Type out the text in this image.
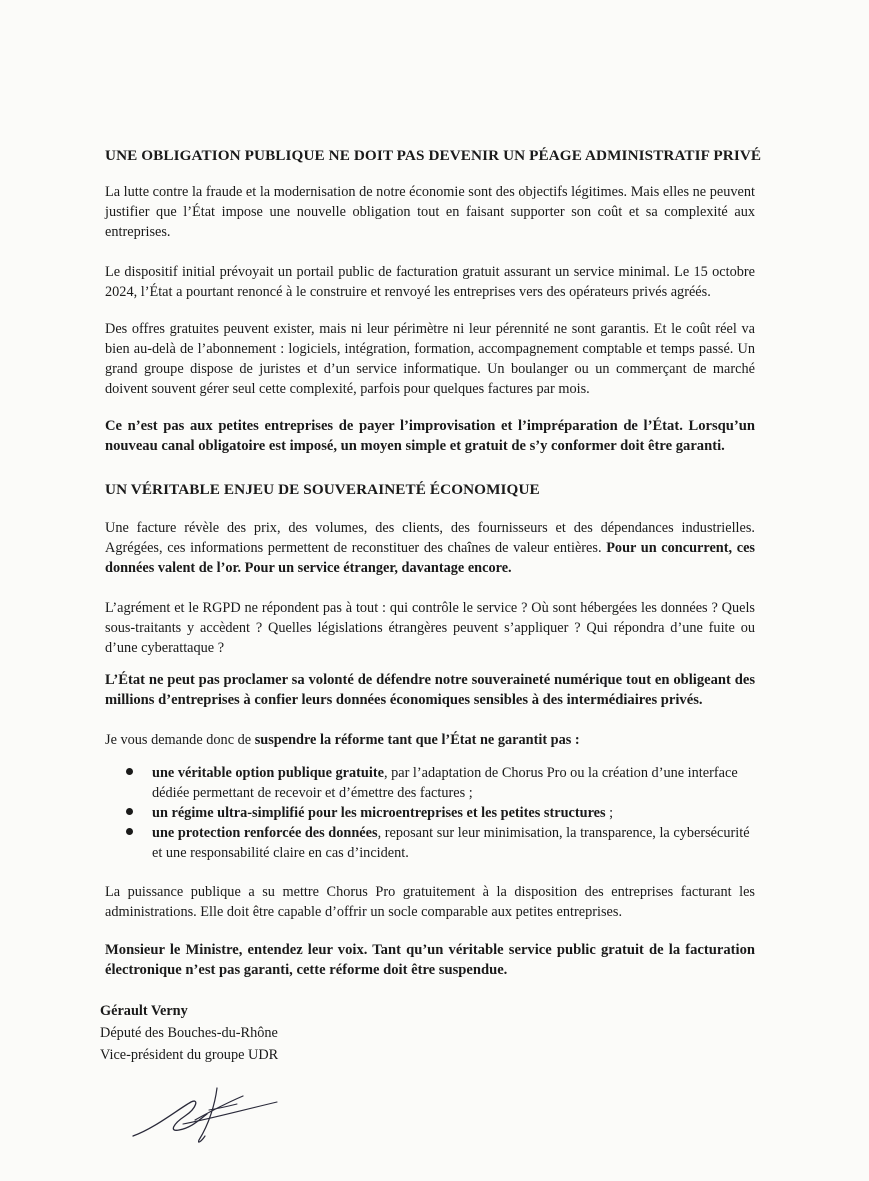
UNE OBLIGATION PUBLIQUE NE DOIT PAS DEVENIR UN PÉAGE ADMINISTRATIF PRIVÉ

La lutte contre la fraude et la modernisation de notre économie sont des objectifs légitimes. Mais elles ne peuvent justifier que l’État impose une nouvelle obligation tout en faisant supporter son coût et sa complexité aux entreprises.

Le dispositif initial prévoyait un portail public de facturation gratuit assurant un service minimal. Le 15 octobre 2024, l’État a pourtant renoncé à le construire et renvoyé les entreprises vers des opérateurs privés agréés.

Des offres gratuites peuvent exister, mais ni leur périmètre ni leur pérennité ne sont garantis. Et le coût réel va bien au-delà de l’abonnement : logiciels, intégration, formation, accompagnement comptable et temps passé. Un grand groupe dispose de juristes et d’un service informatique. Un boulanger ou un commerçant de marché doivent souvent gérer seul cette complexité, parfois pour quelques factures par mois.

Ce n’est pas aux petites entreprises de payer l’improvisation et l’impréparation de l’État. Lorsqu’un nouveau canal obligatoire est imposé, un moyen simple et gratuit de s’y conformer doit être garanti.

UN VÉRITABLE ENJEU DE SOUVERAINETÉ ÉCONOMIQUE

Une facture révèle des prix, des volumes, des clients, des fournisseurs et des dépendances industrielles. Agrégées, ces informations permettent de reconstituer des chaînes de valeur entières. Pour un concurrent, ces données valent de l’or. Pour un service étranger, davantage encore.

L’agrément et le RGPD ne répondent pas à tout : qui contrôle le service ? Où sont hébergées les données ? Quels sous-traitants y accèdent ? Quelles législations étrangères peuvent s’appliquer ? Qui répondra d’une fuite ou d’une cyberattaque ?

L’État ne peut pas proclamer sa volonté de défendre notre souveraineté numérique tout en obligeant des millions d’entreprises à confier leurs données économiques sensibles à des intermédiaires privés.

Je vous demande donc de suspendre la réforme tant que l’État ne garantit pas :

une véritable option publique gratuite, par l’adaptation de Chorus Pro ou la création d’une interface dédiée permettant de recevoir et d’émettre des factures ;
un régime ultra-simplifié pour les microentreprises et les petites structures ;
une protection renforcée des données, reposant sur leur minimisation, la transparence, la cybersécurité et une responsabilité claire en cas d’incident.

La puissance publique a su mettre Chorus Pro gratuitement à la disposition des entreprises facturant les administrations. Elle doit être capable d’offrir un socle comparable aux petites entreprises.

Monsieur le Ministre, entendez leur voix. Tant qu’un véritable service public gratuit de la facturation électronique n’est pas garanti, cette réforme doit être suspendue.

Gérault Verny
Député des Bouches-du-Rhône
Vice-président du groupe UDR
